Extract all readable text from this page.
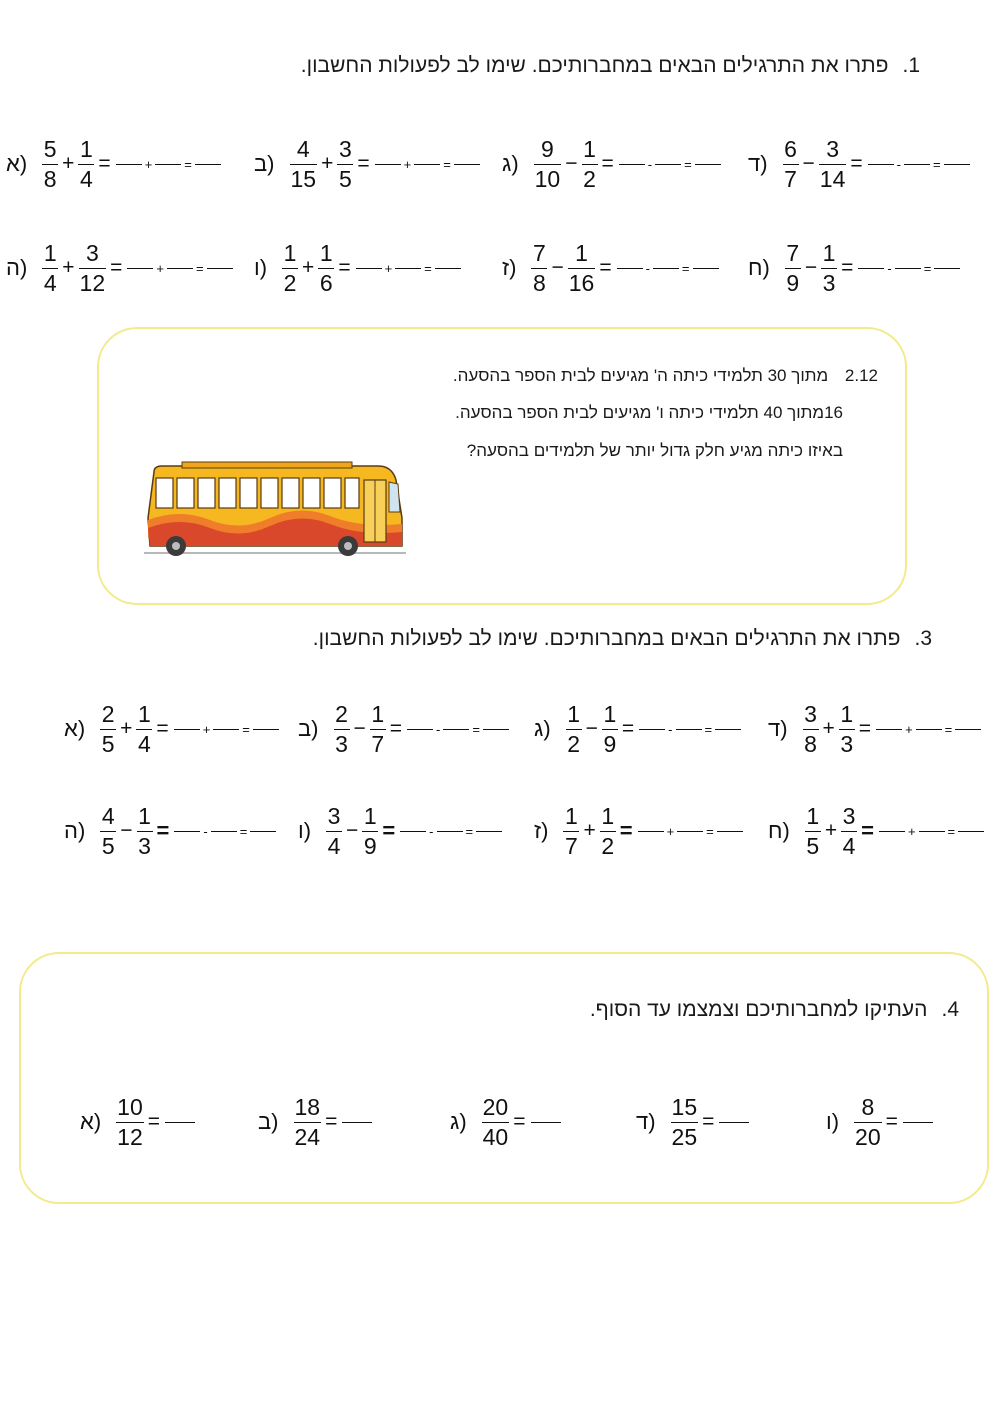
1.פתרו את התרגילים הבאים במחברותיכם. שימו לב לפעולות החשבון.
א) $\frac{5}{8} + \frac{1}{4}$ =	+ =	ב) $\frac{4}{15} + \frac{3}{5}$ =	+ = ג) $\frac{9}{10} - \frac{1}{2}$ =	- =	ד) $\frac{6}{7} - \frac{3}{14}$ =	- =
ה) $\frac{1}{4} + \frac{3}{12}$ =	+ = ו) $\frac{1}{2} + \frac{1}{6}$ =	+ =	ז) $\frac{7}{8} - \frac{1}{16}$ =	- =	ח) $\frac{7}{9} - \frac{1}{3}$ =	- =
2.12 מתוך 30 תלמידי כיתה ה' מגיעים לבית הספר בהסעה.
16מתוך 40 תלמידי כיתה ו' מגיעים לבית הספר בהסעה.
באיזו כיתה מגיע חלק גדול יותר של תלמידים בהסעה?
3.פתרו את התרגילים הבאים במחברותיכם. שימו לב לפעולות החשבון.
א) $\frac{2}{5} + \frac{1}{4}$ =	+ = ב) $\frac{2}{3} - \frac{1}{7}$ =	- = ג) $\frac{1}{2} - \frac{1}{9}$ =	- =	ד) $\frac{3}{8} + \frac{1}{3}$ =	+ =
ה) $\frac{4}{5} - \frac{1}{3}$ =	- = ו) $\frac{3}{4} - \frac{1}{9}$ =	- =	ז) $\frac{1}{7} + \frac{1}{2}$ =	+ = ח) $\frac{1}{5} + \frac{3}{4}$ =	+ =
4.העתיקו למחברותיכם וצמצמו עד הסוף.
א) $\frac{10}{12}$ =	ב) $\frac{18}{24}$ =	ג) $\frac{20}{40}$ =	ד) $\frac{15}{25}$ =	ו) $\frac{8}{20}$ =
